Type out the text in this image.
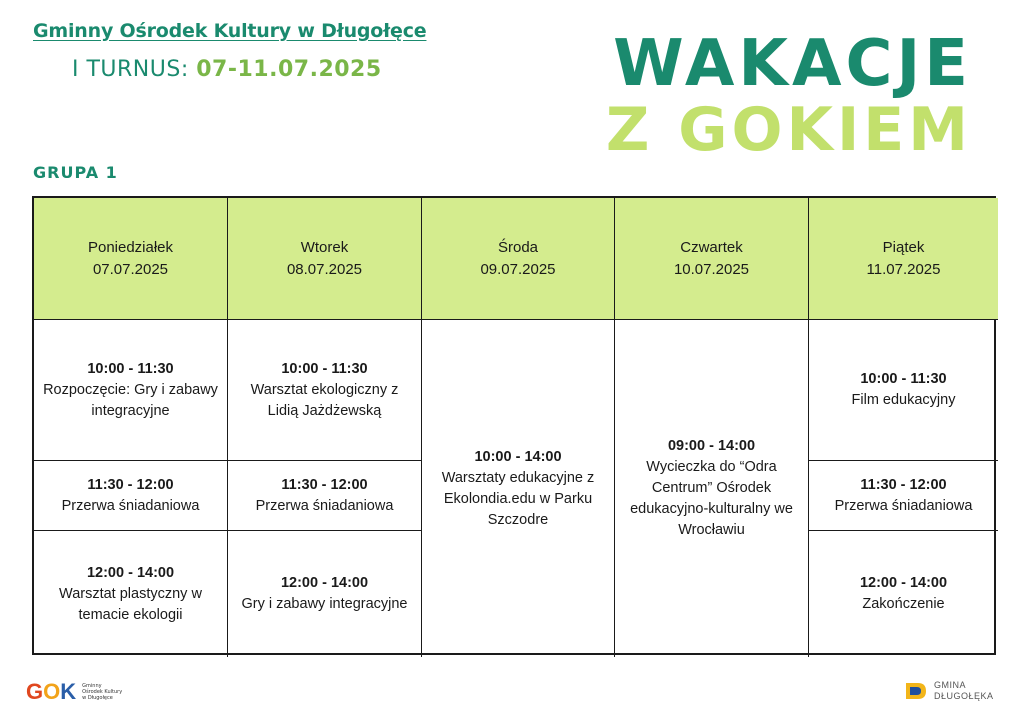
Gminny Ośrodek Kultury w Długołęce
I TURNUS: 07-11.07.2025	WAKACJE
Z GOKIEM
GRUPA 1
Poniedziałek
07.07.2025
Wtorek
08.07.2025
Środa
09.07.2025
Czwartek
10.07.2025
Piątek
11.07.2025
10:00 - 11:30
Rozpoczęcie: Gry i zabawy integracyjne
11:30 - 12:00
Przerwa śniadaniowa
12:00 - 14:00
Warsztat plastyczny w temacie ekologii
10:00 - 11:30
Warsztat ekologiczny z Lidią Jażdżewską
11:30 - 12:00
Przerwa śniadaniowa
12:00 - 14:00
Gry i zabawy integracyjne
10:00 - 14:00
Warsztaty edukacyjne z Ekolondia.edu w Parku Szczodre
09:00 - 14:00
Wycieczka do “Odra Centrum” Ośrodek edukacyjno-kulturalny we Wrocławiu
10:00 - 11:30
Film edukacyjny
11:30 - 12:00
Przerwa śniadaniowa
12:00 - 14:00
Zakończenie
GOK Gminny Ośrodek Kultury w Długołęce
GMINA
DŁUGOŁĘKA
